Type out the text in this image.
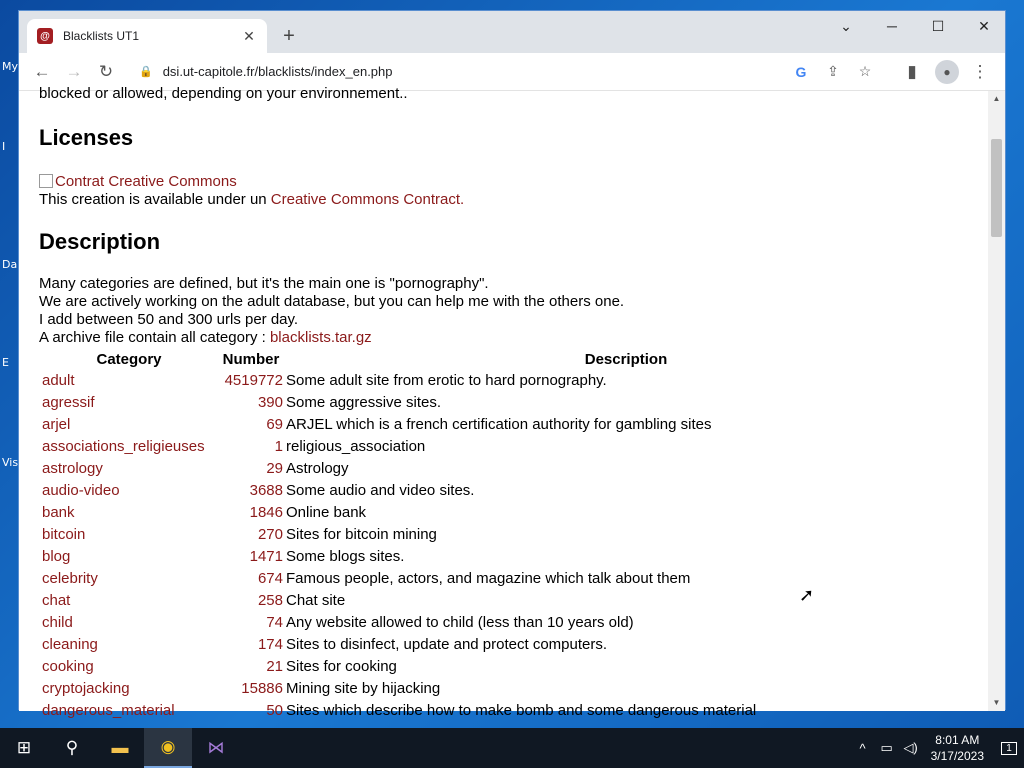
My
I
Da
E
Vis
@ Blacklists UT1	✕	+	⌄	─	☐	✕
← → ↻	🔒 dsi.ut-capitole.fr/blacklists/index_en.php	G	⇪	☆	▮	●	⋮

blocked or allowed, depending on your environnement..

Licenses

Contrat Creative Commons

This creation is available under un Creative Commons Contract.

Description

Many categories are defined, but it's the main one is "pornography".

We are actively working on the adult database, but you can help me with the others one.

I add between 50 and 300 urls per day.

A archive file contain all category : blacklists.tar.gz

Category	Number	Description
adult	4519772	Some adult site from erotic to hard pornography.
agressif	390	Some aggressive sites.
arjel	69	ARJEL which is a french certification authority for gambling sites
associations_religieuses	1	religious_association
astrology	29	Astrology
audio-video	3688	Some audio and video sites.
bank	1846	Online bank
bitcoin	270	Sites for bitcoin mining
blog	1471	Some blogs sites.
celebrity	674	Famous people, actors, and magazine which talk about them
chat	258	Chat site
child	74	Any website allowed to child (less than 10 years old)
cleaning	174	Sites to disinfect, update and protect computers.
cooking	21	Sites for cooking
cryptojacking	15886	Mining site by hijacking
dangerous_material	50	Sites which describe how to make bomb and some dangerous material
▲
▼
➚
⊞	⚲	▬	◉	⋈	^	▭ ◁)	8:01 AM
3/17/2023
1
